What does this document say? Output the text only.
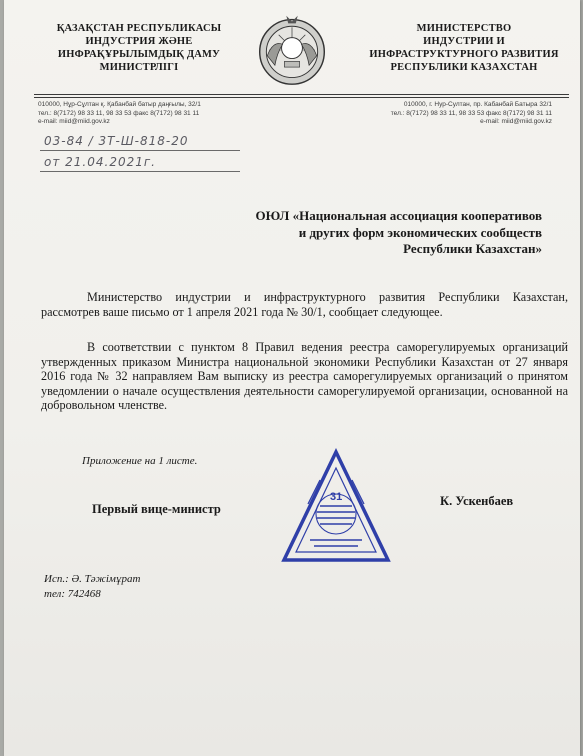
ҚАЗАҚСТАН РЕСПУБЛИКАСЫ
ИНДУСТРИЯ ЖӘНЕ
ИНФРАҚҰРЫЛЫМДЫҚ ДАМУ
МИНИСТРЛІГІ
МИНИСТЕРСТВО
ИНДУСТРИИ И
ИНФРАСТРУКТУРНОГО РАЗВИТИЯ
РЕСПУБЛИКИ КАЗАХСТАН
010000, Нұр-Сұлтан қ. Қабанбай батыр даңғылы, 32/1
тел.: 8(7172) 98 33 11, 98 33 53 факс 8(7172) 98 31 11
e-mail: miid@miid.gov.kz
010000, г. Нур-Султан, пр. Кабанбай Батыра 32/1
тел.: 8(7172) 98 33 11, 98 33 53 факс 8(7172) 98 31 11
e-mail: miid@miid.gov.kz
03-84 / 3Т-Ш-818-20
от 21.04.2021г.
ОЮЛ «Национальная ассоциация кооперативов
и других форм экономических сообществ
Республики Казахстан»

Министерство индустрии и инфраструктурного развития Республики Казахстан, рассмотрев ваше письмо от 1 апреля 2021 года № 30/1, сообщает следующее.

В соответствии с пунктом 8 Правил ведения реестра саморегулируемых организаций утвержденных приказом Министра национальной экономики Республики Казахстан от 27 января 2016 года № 32 направляем Вам выписку из реестра саморегулируемых организаций о принятом уведомлении о начале осуществления деятельности саморегулируемой организации, основанной на добровольном членстве.

Приложение на 1 листе.
Первый вице-министр
31	К. Ускенбаев
Исп.: Ә. Тәжімұрат
тел: 742468
